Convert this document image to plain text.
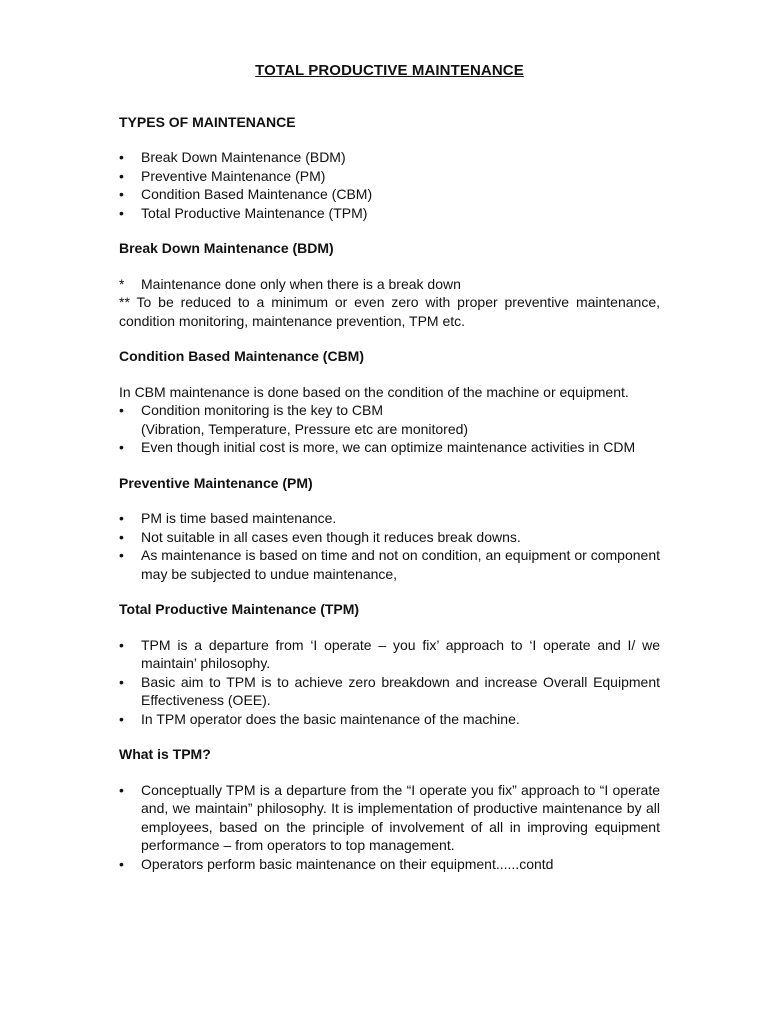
TOTAL PRODUCTIVE MAINTENANCE

TYPES OF MAINTENANCE

• Break Down Maintenance (BDM)
• Preventive Maintenance (PM)
• Condition Based Maintenance (CBM)
• Total Productive Maintenance (TPM)

Break Down Maintenance (BDM)

* Maintenance done only when there is a break down

** To be reduced to a minimum or even zero with proper preventive maintenance, condition monitoring, maintenance prevention, TPM etc.

Condition Based Maintenance (CBM)

In CBM maintenance is done based on the condition of the machine or equipment.

• Condition monitoring is the key to CBM

(Vibration, Temperature, Pressure etc are monitored)

• Even though initial cost is more, we can optimize maintenance activities in CDM

Preventive Maintenance (PM)

• PM is time based maintenance.
• Not suitable in all cases even though it reduces break downs.
• As maintenance is based on time and not on condition, an equipment or component may be subjected to undue maintenance,

Total Productive Maintenance (TPM)

• TPM is a departure from ‘I operate – you fix’ approach to ‘I operate and I/ we maintain’ philosophy.
• Basic aim to TPM is to achieve zero breakdown and increase Overall Equipment Effectiveness (OEE).
• In TPM operator does the basic maintenance of the machine.

What is TPM?

• Conceptually TPM is a departure from the “I operate you fix” approach to “I operate and, we maintain” philosophy. It is implementation of productive maintenance by all employees, based on the principle of involvement of all in improving equipment performance – from operators to top management.
• Operators perform basic maintenance on their equipment......contd
